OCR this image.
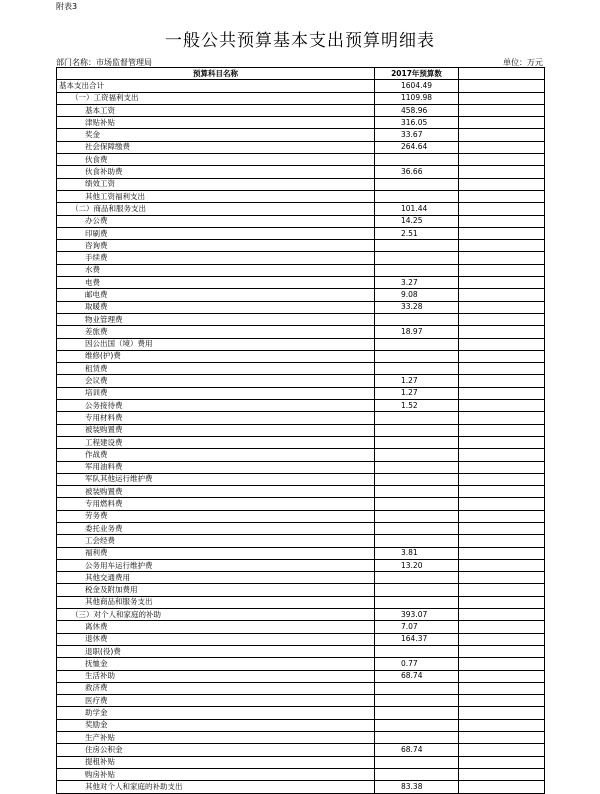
附表3
一般公共预算基本支出预算明细表
部门名称：市场监督管理局	单位：万元
预算科目名称	2017年预算数	
基本支出合计	1604.49	
（一）工资福利支出	1109.98	
基本工资	458.96	
津贴补贴	316.05	
奖金	33.67	
社会保障缴费	264.64	
伙食费		
伙食补助费	36.66	
绩效工资		
其他工资福利支出		
（二）商品和服务支出	101.44	
办公费	14.25	
印刷费	2.51	
咨询费		
手续费		
水费		
电费	3.27	
邮电费	9.08	
取暖费	33.28	
物业管理费		
差旅费	18.97	
因公出国（境）费用		
维修(护)费		
租赁费		
会议费	1.27	
培训费	1.27	
公务接待费	1.52	
专用材料费		
被装购置费		
工程建设费		
作战费		
军用油料费		
军队其他运行维护费		
被装购置费		
专用燃料费		
劳务费		
委托业务费		
工会经费		
福利费	3.81	
公务用车运行维护费	13.20	
其他交通费用		
税金及附加费用		
其他商品和服务支出		
（三）对个人和家庭的补助	393.07	
离休费	7.07	
退休费	164.37	
退职(役)费		
抚恤金	0.77	
生活补助	68.74	
救济费		
医疗费		
助学金		
奖励金		
生产补贴		
住房公积金	68.74	
提租补贴		
购房补贴		
其他对个人和家庭的补助支出	83.38	
